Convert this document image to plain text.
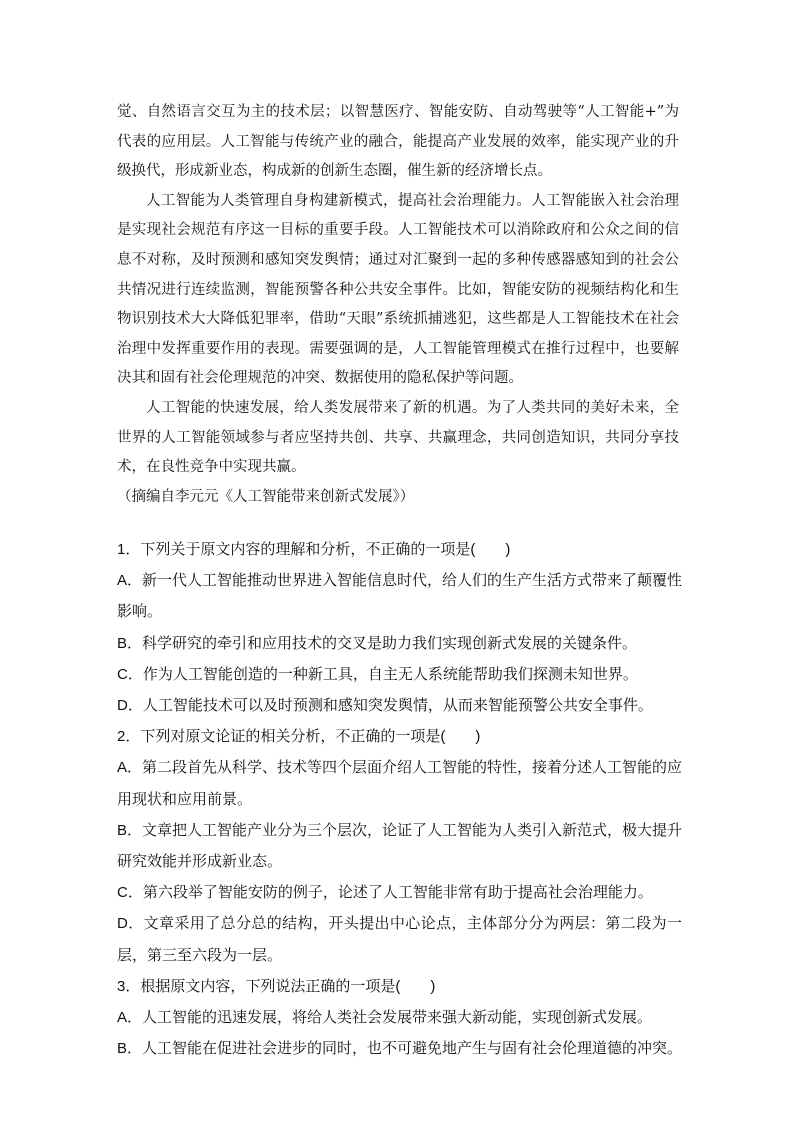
觉、自然语言交互为主的技术层；以智慧医疗、智能安防、自动驾驶等“人工智能+”为代表的应用层。人工智能与传统产业的融合，能提高产业发展的效率，能实现产业的升级换代，形成新业态，构成新的创新生态圈，催生新的经济增长点。

人工智能为人类管理自身构建新模式，提高社会治理能力。人工智能嵌入社会治理是实现社会规范有序这一目标的重要手段。人工智能技术可以消除政府和公众之间的信息不对称，及时预测和感知突发舆情；通过对汇聚到一起的多种传感器感知到的社会公共情况进行连续监测，智能预警各种公共安全事件。比如，智能安防的视频结构化和生物识别技术大大降低犯罪率，借助“天眼”系统抓捕逃犯，这些都是人工智能技术在社会治理中发挥重要作用的表现。需要强调的是，人工智能管理模式在推行过程中，也要解决其和固有社会伦理规范的冲突、数据使用的隐私保护等问题。

人工智能的快速发展，给人类发展带来了新的机遇。为了人类共同的美好未来，全世界的人工智能领域参与者应坚持共创、共享、共赢理念，共同创造知识，共同分享技术，在良性竞争中实现共赢。

（摘编自李元元《人工智能带来创新式发展》）

1．下列关于原文内容的理解和分析，不正确的一项是(　　)

A．新一代人工智能推动世界进入智能信息时代，给人们的生产生活方式带来了颠覆性影响。

B．科学研究的牵引和应用技术的交叉是助力我们实现创新式发展的关键条件。

C．作为人工智能创造的一种新工具，自主无人系统能帮助我们探测未知世界。

D．人工智能技术可以及时预测和感知突发舆情，从而来智能预警公共安全事件。

2．下列对原文论证的相关分析，不正确的一项是(　　)

A．第二段首先从科学、技术等四个层面介绍人工智能的特性，接着分述人工智能的应用现状和应用前景。

B．文章把人工智能产业分为三个层次，论证了人工智能为人类引入新范式，极大提升研究效能并形成新业态。

C．第六段举了智能安防的例子，论述了人工智能非常有助于提高社会治理能力。

D．文章采用了总分总的结构，开头提出中心论点，主体部分分为两层：第二段为一层，第三至六段为一层。

3．根据原文内容，下列说法正确的一项是(　　)

A．人工智能的迅速发展，将给人类社会发展带来强大新动能，实现创新式发展。

B．人工智能在促进社会进步的同时，也不可避免地产生与固有社会伦理道德的冲突。
